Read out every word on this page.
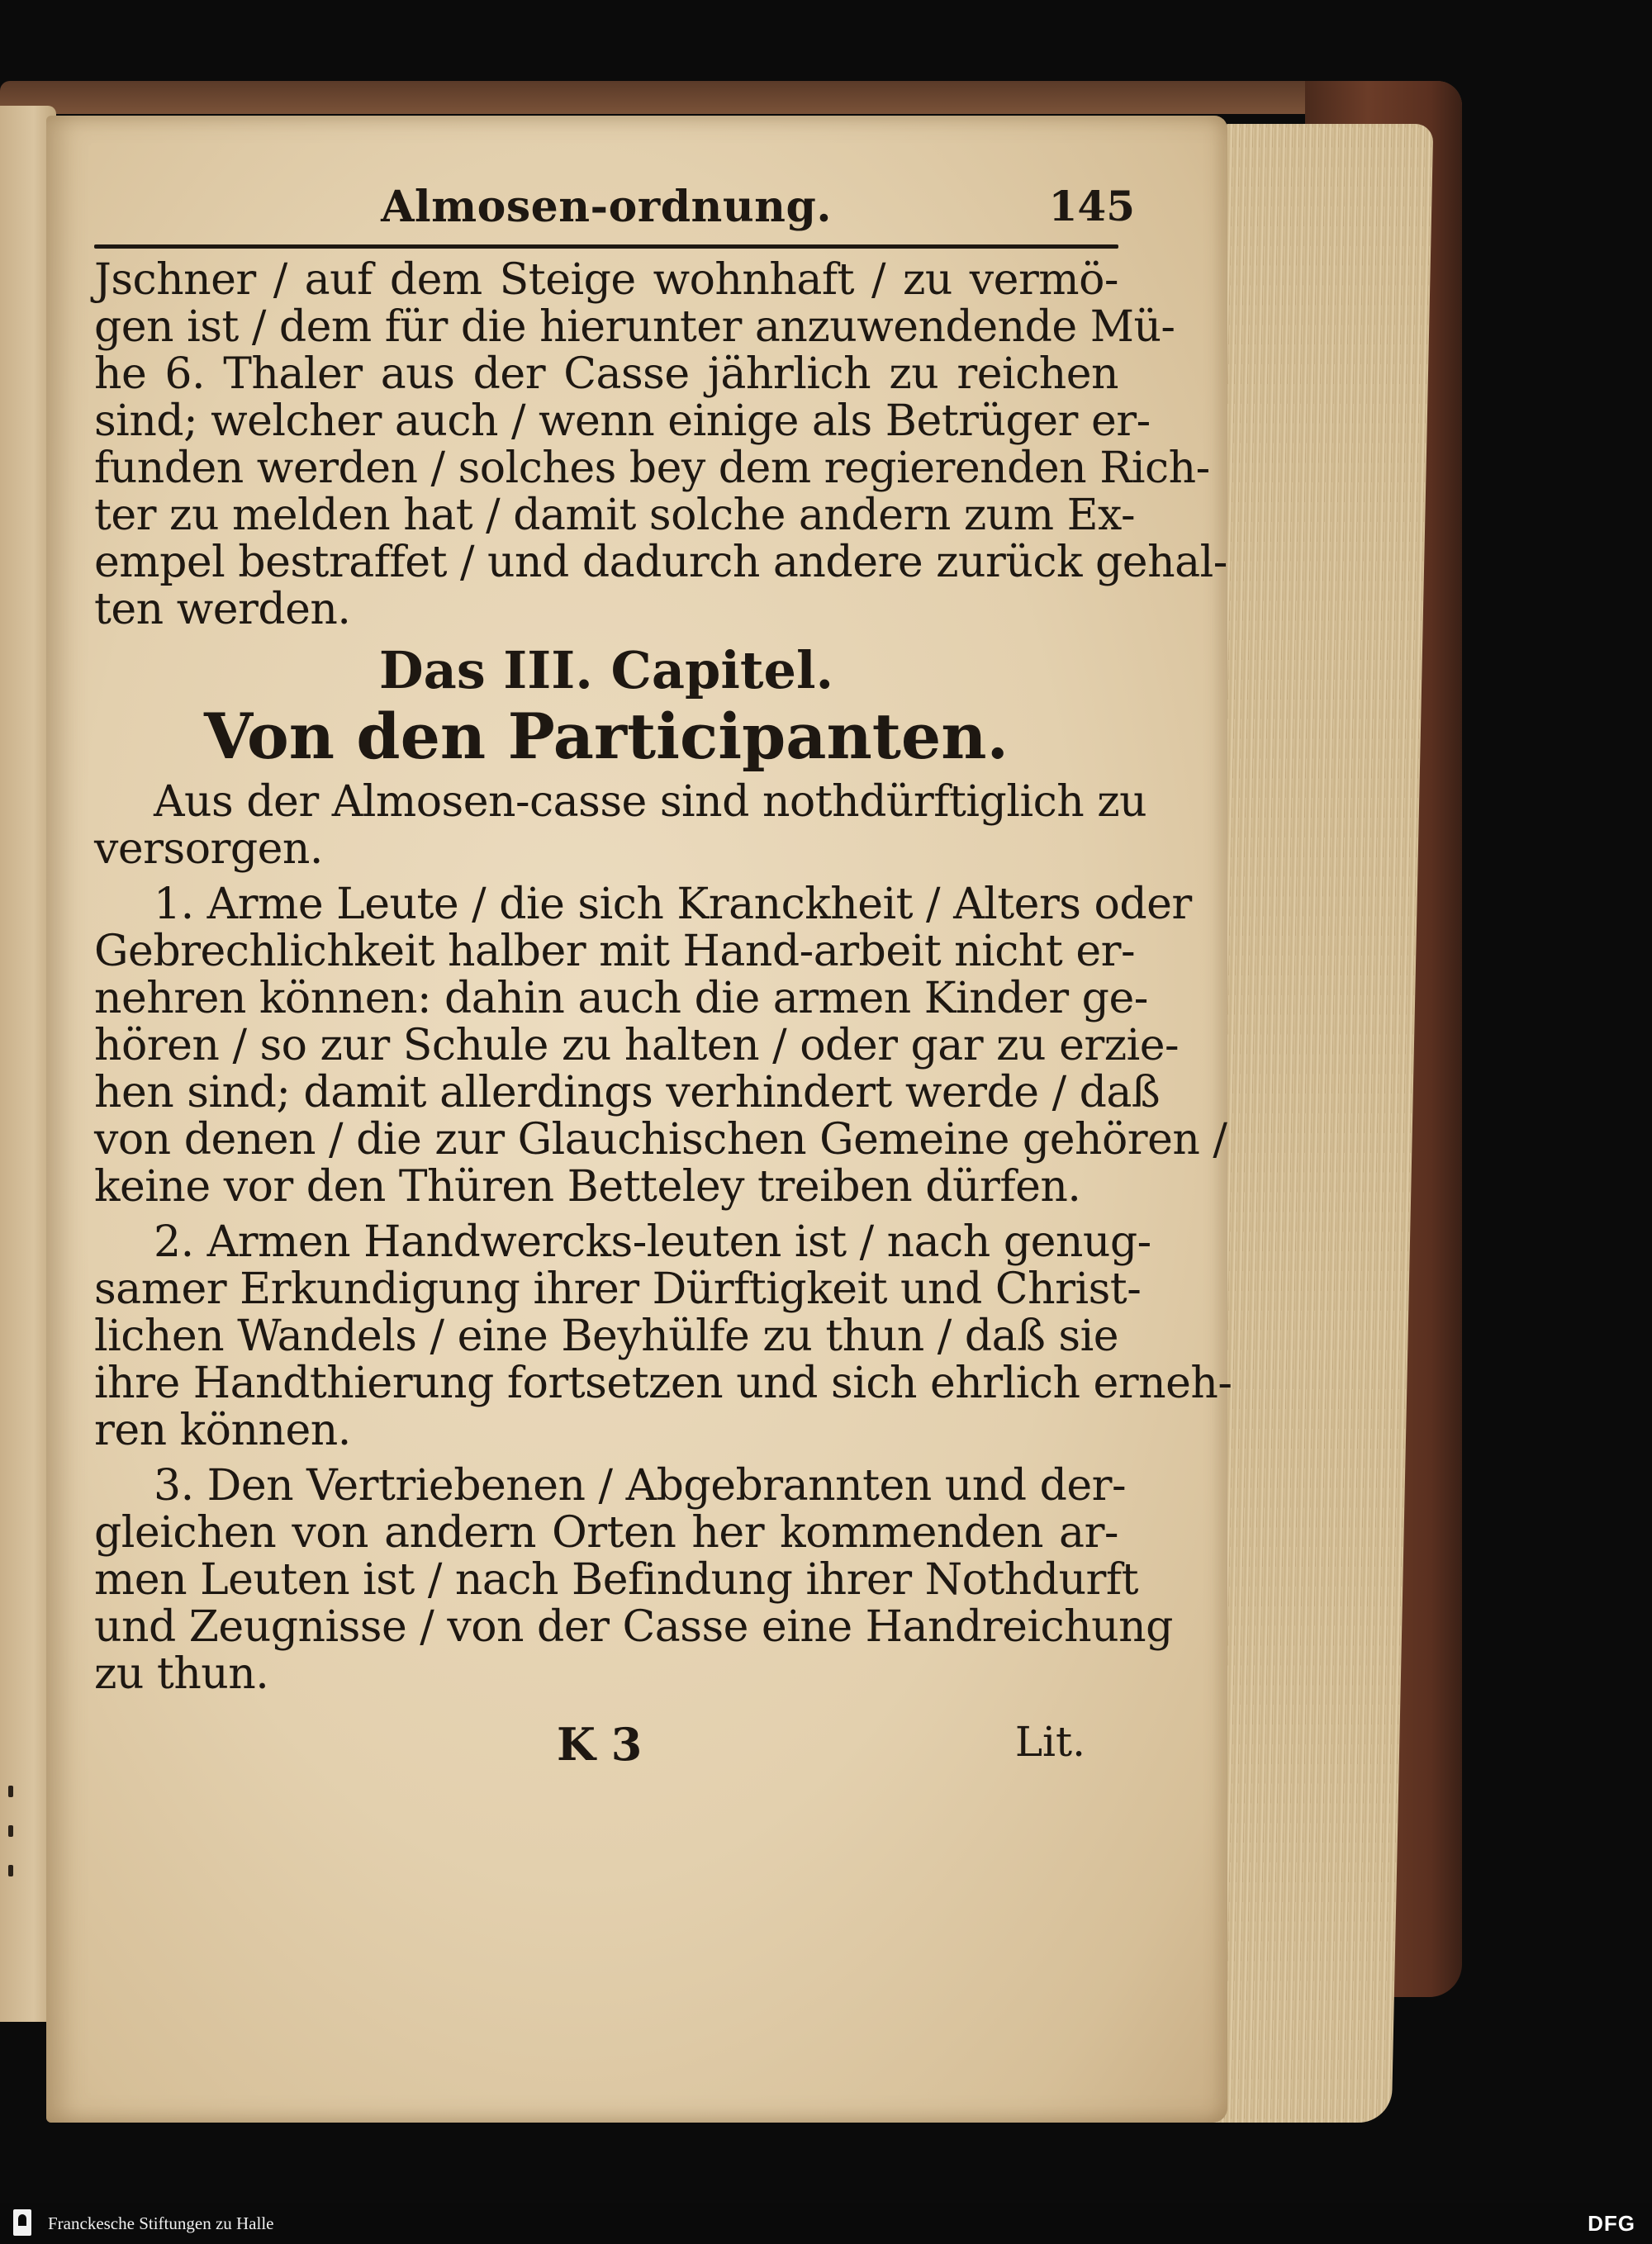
Almosen-ordnung.	145
Jschner / auf dem Steige wohnhaft / zu vermö-
gen ist / dem für die hierunter anzuwendende Mü-
he 6. Thaler aus der Casse jährlich zu reichen
sind; welcher auch / wenn einige als Betrüger er-
funden werden / solches bey dem regierenden Rich-
ter zu melden hat / damit solche andern zum Ex-
empel bestraffet / und dadurch andere zurück gehal-
ten werden.
Das III. Capitel.
Von den Participanten.
Aus der Almosen-casse sind nothdürftiglich zu
versorgen.
1. Arme Leute / die sich Kranckheit / Alters oder
Gebrechlichkeit halber mit Hand-arbeit nicht er-
nehren können: dahin auch die armen Kinder ge-
hören / so zur Schule zu halten / oder gar zu erzie-
hen sind; damit allerdings verhindert werde / daß
von denen / die zur Glauchischen Gemeine gehören /
keine vor den Thüren Betteley treiben dürfen.
2. Armen Handwercks-leuten ist / nach genug-
samer Erkundigung ihrer Dürftigkeit und Christ-
lichen Wandels / eine Beyhülfe zu thun / daß sie
ihre Handthierung fortsetzen und sich ehrlich erneh-
ren können.
3. Den Vertriebenen / Abgebrannten und der-
gleichen von andern Orten her kommenden ar-
men Leuten ist / nach Befindung ihrer Nothdurft
und Zeugnisse / von der Casse eine Handreichung
zu thun.
K 3	Lit.
Franckesche Stiftungen zu Halle	DFG
